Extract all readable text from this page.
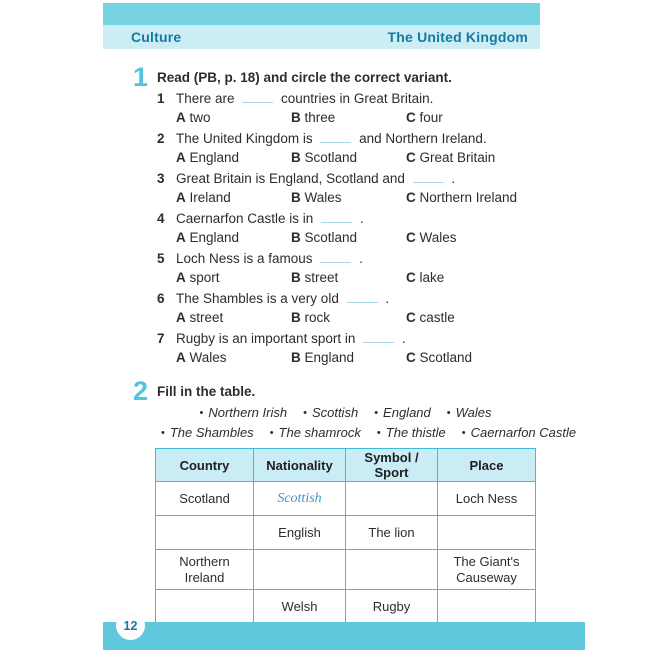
Culture	The United Kingdom
1 Read (PB, p. 18) and circle the correct variant.
1 There are	countries in Great Britain.
A two	B three	C four
2 The United Kingdom is	and Northern Ireland.
A England	B Scotland	C Great Britain
3 Great Britain is England, Scotland and	.
A Ireland	B Wales	C Northern Ireland
4 Caernarfon Castle is in	.
A England	B Scotland	C Wales
5 Loch Ness is a famous	.
A sport	B street	C lake
6 The Shambles is a very old	.
A street	B rock	C castle
7 Rugby is an important sport in	.
A Wales	B England	C Scotland
2 Fill in the table.
• Northern Irish • Scottish • England • Wales
• The Shambles • The shamrock • The thistle • Caernarfon Castle
Country	Nationality	Symbol / Sport	Place
Scotland	Scottish		Loch Ness
	English	The lion	
Northern Ireland			The Giant's Causeway
	Welsh	Rugby	
12
